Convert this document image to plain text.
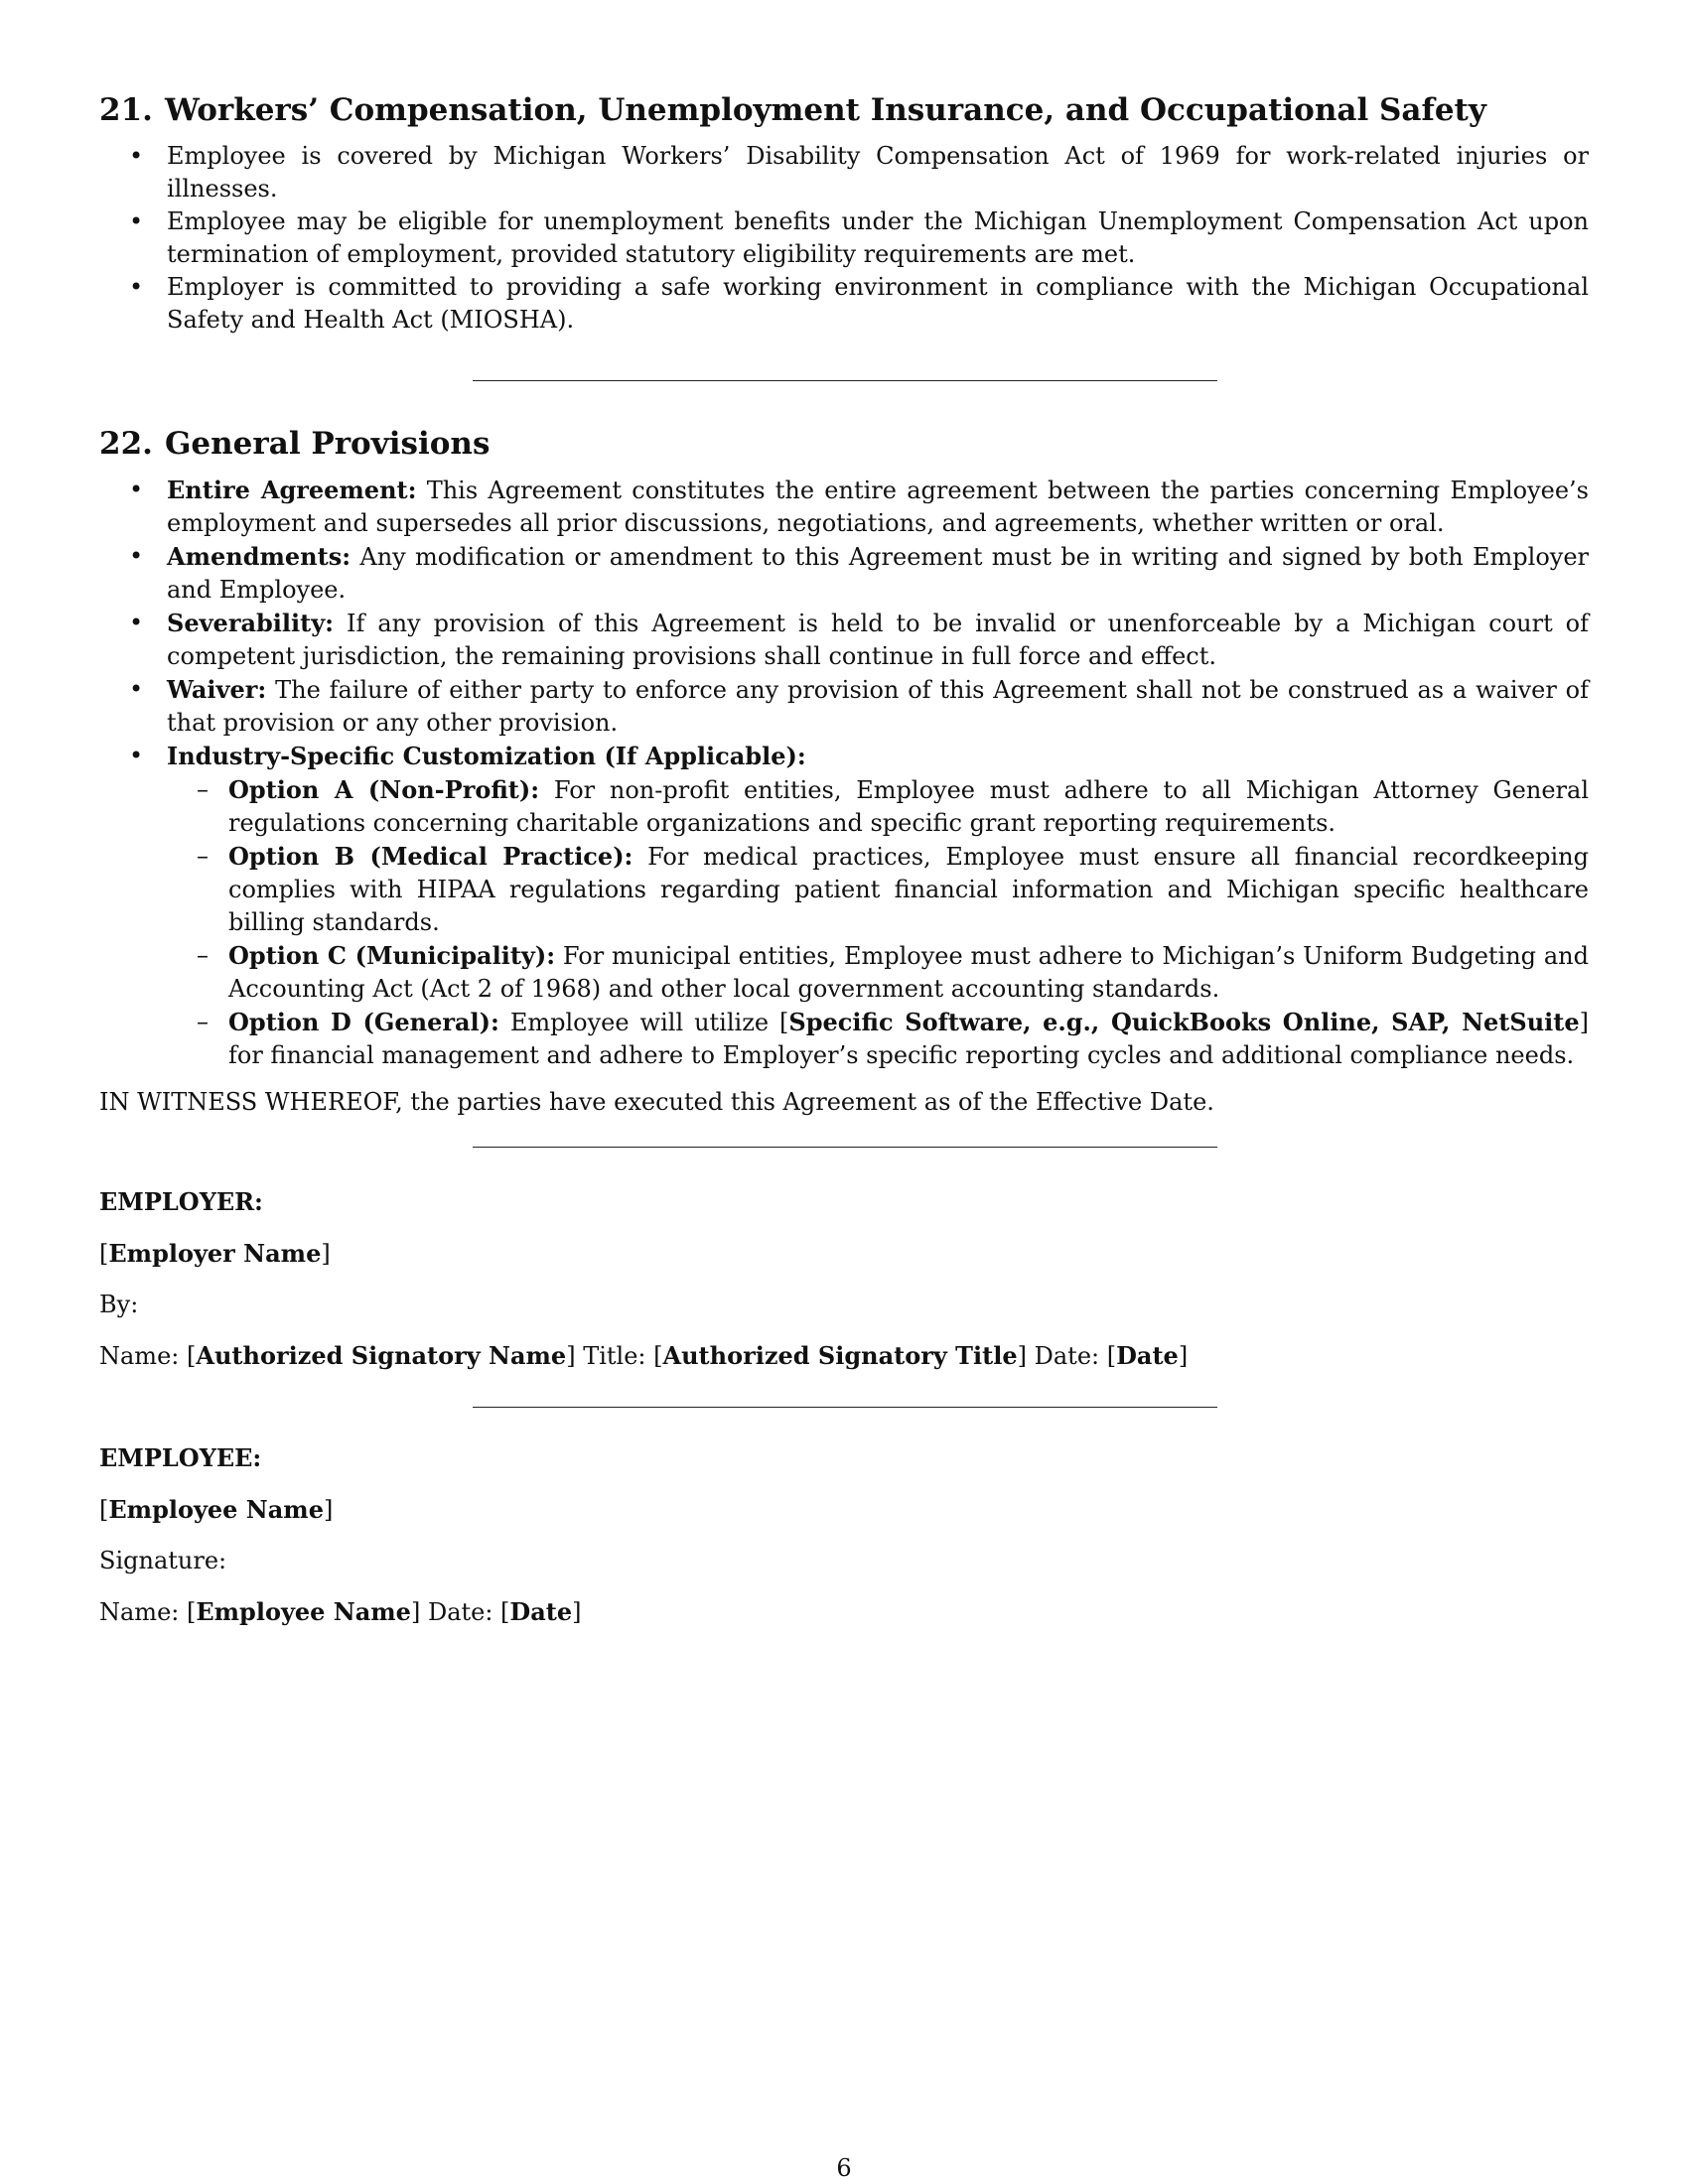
21. Workers’ Compensation, Unemployment Insurance, and Occupational Safety
• Employee is covered by Michigan Workers’ Disability Compensation Act of 1969 for work-related injuries or illnesses.
• Employee may be eligible for unemployment benefits under the Michigan Unemployment Compensation Act upon termination of employment, provided statutory eligibility requirements are met.
• Employer is committed to providing a safe working environment in compliance with the Michigan Occupational Safety and Health Act (MIOSHA).
22. General Provisions
• Entire Agreement: This Agreement constitutes the entire agreement between the parties concerning Employee’s employment and supersedes all prior discussions, negotiations, and agreements, whether written or oral.
• Amendments: Any modification or amendment to this Agreement must be in writing and signed by both Employer and Employee.
• Severability: If any provision of this Agreement is held to be invalid or unenforceable by a Michigan court of competent jurisdiction, the remaining provisions shall continue in full force and effect.
• Waiver: The failure of either party to enforce any provision of this Agreement shall not be construed as a waiver of that provision or any other provision.
• Industry-Specific Customization (If Applicable):
– Option A (Non-Profit): For non-profit entities, Employee must adhere to all Michigan Attorney General regulations concerning charitable organizations and specific grant reporting requirements.
– Option B (Medical Practice): For medical practices, Employee must ensure all financial recordkeeping complies with HIPAA regulations regarding patient financial information and Michigan specific healthcare billing standards.
– Option C (Municipality): For municipal entities, Employee must adhere to Michigan’s Uniform Budgeting and Accounting Act (Act 2 of 1968) and other local government accounting standards.
– Option D (General): Employee will utilize [Specific Software, e.g., QuickBooks Online, SAP, NetSuite] for financial management and adhere to Employer’s specific reporting cycles and additional compliance needs.

IN WITNESS WHEREOF, the parties have executed this Agreement as of the Effective Date.

EMPLOYER:

[Employer Name]

By:

Name: [Authorized Signatory Name] Title: [Authorized Signatory Title] Date: [Date]

EMPLOYEE:

[Employee Name]

Signature:

Name: [Employee Name] Date: [Date]

6
